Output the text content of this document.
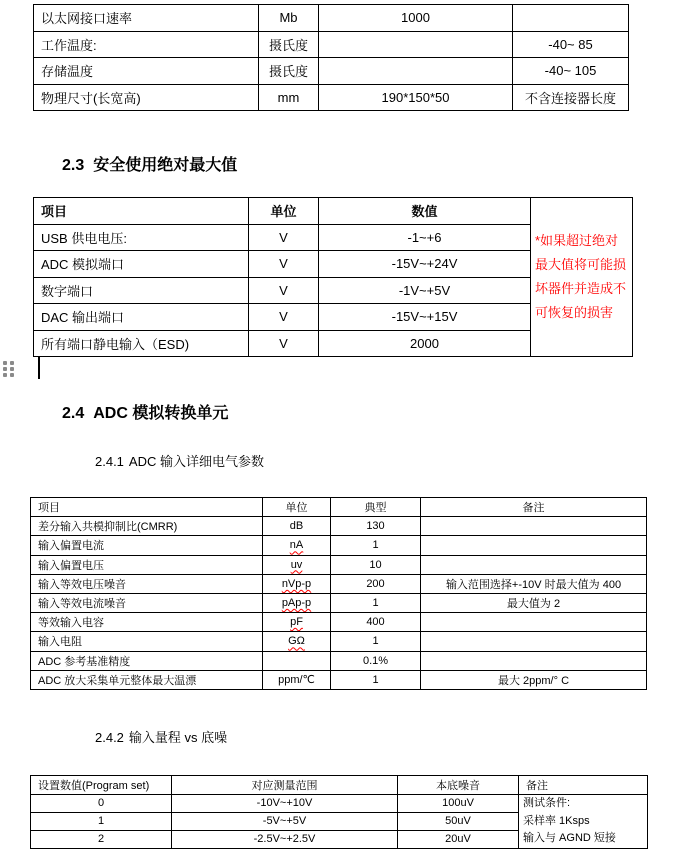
以太网接口速率	Mb	1000	
工作温度:	摄氏度		-40~ 85
存储温度	摄氏度		-40~ 105
物理尺寸(长宽高)	mm	190*150*50	不含连接器长度
2.3 安全使用绝对最大值
项目	单位	数值	*如果超过绝对最大值将可能损坏器件并造成不可恢复的损害
USB 供电电压:	V	-1~+6	
ADC 模拟端口	V	-15V~+24V	
数字端口	V	-1V~+5V	
DAC 输出端口	V	-15V~+15V	
所有端口静电输入（ESD)	V	2000	
2.4 ADC 模拟转换单元
2.4.1 ADC 输入详细电气参数
项目	单位	典型	备注
差分输入共模抑制比(CMRR)	dB	130	
输入偏置电流	nA	1	
输入偏置电压	uv	10	
输入等效电压噪音	nVp-p	200	输入范围选择+-10V 时最大值为 400
输入等效电流噪音	pAp-p	1	最大值为 2
等效输入电容	pF	400	
输入电阻	GΩ	1	
ADC 参考基准精度		0.1%	
ADC 放大采集单元整体最大温漂	ppm/℃	1	最大 2ppm/° C
2.4.2 输入量程 vs 底噪
设置数值(Program set)	对应测量范围	本底噪音	备注
0	-10V~+10V	100uV	测试条件:
采样率 1Ksps
输入与 AGND 短接

1	-5V~+5V	50uV	
2	-2.5V~+2.5V	20uV	
